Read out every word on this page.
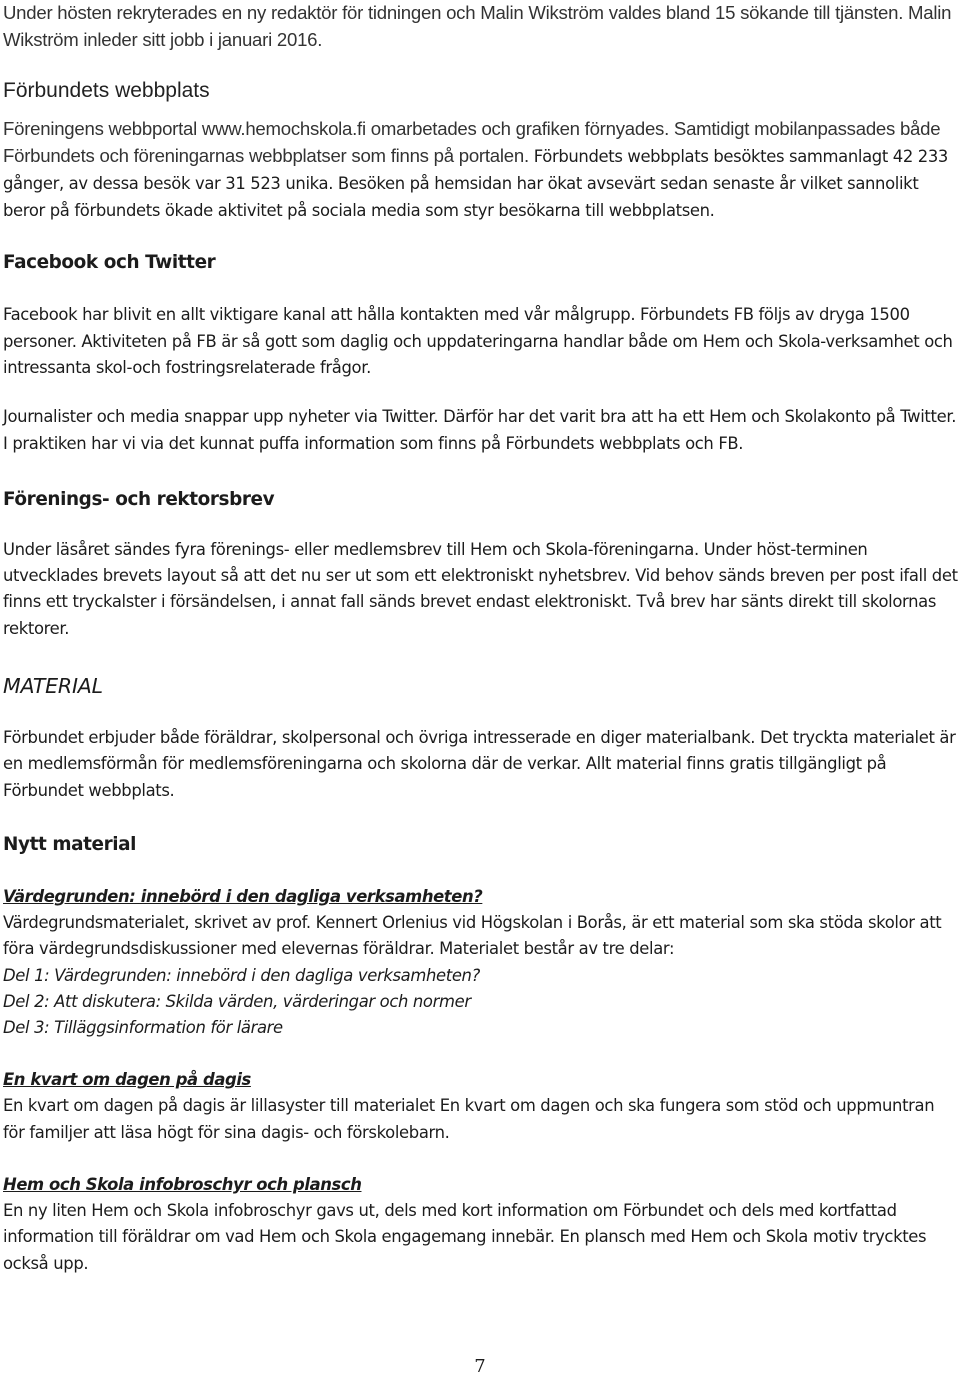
Under hösten rekryterades en ny redaktör för tidningen och Malin Wikström valdes bland 15 sökande till tjänsten. Malin Wikström inleder sitt jobb i januari 2016.

Förbundets webbplats

Föreningens webbportal www.hemochskola.fi omarbetades och grafiken förnyades. Samtidigt mobilanpassades både Förbundets och föreningarnas webbplatser som finns på portalen. Förbundets webbplats besöktes sammanlagt 42 233 gånger, av dessa besök var 31 523 unika. Besöken på hemsidan har ökat avsevärt sedan senaste år vilket sannolikt beror på förbundets ökade aktivitet på sociala media som styr besökarna till webbplatsen.

Facebook och Twitter

Facebook har blivit en allt viktigare kanal att hålla kontakten med vår målgrupp. Förbundets FB följs av dryga 1500 personer. Aktiviteten på FB är så gott som daglig och uppdateringarna handlar både om Hem och Skola-verksamhet och intressanta skol-och fostringsrelaterade frågor.

Journalister och media snappar upp nyheter via Twitter. Därför har det varit bra att ha ett Hem och Skolakonto på Twitter. I praktiken har vi via det kunnat puffa information som finns på Förbundets webbplats och FB.

Förenings- och rektorsbrev

Under läsåret sändes fyra förenings- eller medlemsbrev till Hem och Skola-föreningarna. Under höst-terminen utvecklades brevets layout så att det nu ser ut som ett elektroniskt nyhetsbrev. Vid behov sänds breven per post ifall det finns ett tryckalster i försändelsen, i annat fall sänds brevet endast elektroniskt. Två brev har sänts direkt till skolornas rektorer.

MATERIAL

Förbundet erbjuder både föräldrar, skolpersonal och övriga intresserade en diger materialbank. Det tryckta materialet är en medlemsförmån för medlemsföreningarna och skolorna där de verkar. Allt material finns gratis tillgängligt på Förbundet webbplats.

Nytt material
Värdegrunden: innebörd i den dagliga verksamheten?

Värdegrundsmaterialet, skrivet av prof. Kennert Orlenius vid Högskolan i Borås, är ett material som ska stöda skolor att föra värdegrundsdiskussioner med elevernas föräldrar. Materialet består av tre delar:

Del 1: Värdegrunden: innebörd i den dagliga verksamheten?

Del 2: Att diskutera: Skilda värden, värderingar och normer

Del 3: Tilläggsinformation för lärare

En kvart om dagen på dagis

En kvart om dagen på dagis är lillasyster till materialet En kvart om dagen och ska fungera som stöd och uppmuntran för familjer att läsa högt för sina dagis- och förskolebarn.

Hem och Skola infobroschyr och plansch

En ny liten Hem och Skola infobroschyr gavs ut, dels med kort information om Förbundet och dels med kortfattad information till föräldrar om vad Hem och Skola engagemang innebär. En plansch med Hem och Skola motiv trycktes också upp.

7
